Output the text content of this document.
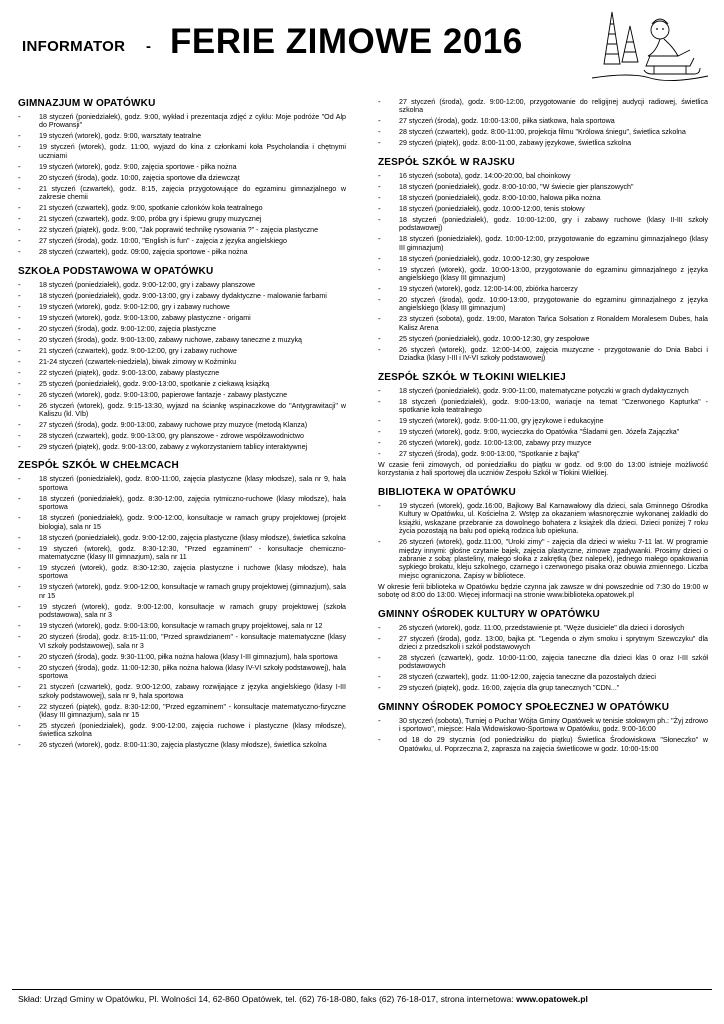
INFORMATOR - FERIE ZIMOWE 2016
GIMNAZJUM W OPATÓWKU
-	18 styczeń (poniedziałek), godz. 9:00, wykład i prezentacja zdjęć z cyklu: Moje podróże "Od Alp do Prowansji"
-	19 styczeń (wtorek), godz. 9:00, warsztaty teatralne
-	19 styczeń (wtorek), godz. 11:00, wyjazd do kina z członkami koła Psycholandia i chętnymi uczniami
-	19 styczeń (wtorek), godz. 9:00, zajęcia sportowe - piłka nożna
-	20 styczeń (środa), godz. 10:00, zajęcia sportowe dla dziewcząt
-	21 styczeń (czwartek), godz. 8:15, zajęcia przygotowujące do egzaminu gimnazjalnego w zakresie chemii
-	21 styczeń (czwartek), godz. 9:00, spotkanie członków koła teatralnego
-	21 styczeń (czwartek), godz. 9:00, próba gry i śpiewu grupy muzycznej
-	22 styczeń (piątek), godz. 9:00, "Jak poprawić technikę rysowania ?" - zajęcia plastyczne
-	27 styczeń (środa), godz. 10:00, "English is fun" - zajęcia z języka angielskiego
-	28 styczeń (czwartek), godz. 09:00, zajęcia sportowe - piłka nożna
SZKOŁA PODSTAWOWA W OPATÓWKU
-	18 styczeń (poniedziałek), godz. 9:00-12:00, gry i zabawy planszowe
-	18 styczeń (poniedziałek), godz. 9:00-13:00, gry i zabawy dydaktyczne - malowanie farbami
-	19 styczeń (wtorek), godz. 9:00-12:00, gry i zabawy ruchowe
-	19 styczeń (wtorek), godz. 9:00-13:00, zabawy plastyczne - origami
-	20 styczeń (środa), godz. 9:00-12:00, zajęcia plastyczne
-	20 styczeń (środa), godz. 9:00-13:00, zabawy ruchowe, zabawy taneczne z muzyką
-	21 styczeń (czwartek), godz. 9:00-12:00, gry i zabawy ruchowe
-	21-24 styczeń (czwartek-niedziela), biwak zimowy w Koźminku
-	22 styczeń (piątek), godz. 9:00-13:00, zabawy plastyczne
-	25 styczeń (poniedziałek), godz. 9:00-13:00, spotkanie z ciekawą książką
-	26 styczeń (wtorek), godz. 9:00-13:00, papierowe fantazje - zabawy plastyczne
-	26 styczeń (wtorek), godz. 9:15-13:30, wyjazd na ściankę wspinaczkowe do "Antygrawitacji" w Kaliszu (kl. VIb)
-	27 styczeń (środa), godz. 9:00-13:00, zabawy ruchowe przy muzyce (metodą Klanza)
-	28 styczeń (czwartek), godz. 9:00-13:00, gry planszowe - zdrowe współzawodnictwo
-	29 styczeń (piątek), godz. 9:00-13:00, zabawy z wykorzystaniem tablicy interaktywnej
ZESPÓŁ SZKÓŁ W CHEŁMCACH
-	18 styczeń (poniedziałek), godz. 8:00-11:00, zajęcia plastyczne (klasy młodsze), sala nr 9, hala sportowa
-	18 styczeń (poniedziałek), godz. 8:30-12:00, zajęcia rytmiczno-ruchowe (klasy młodsze), hala sportowa
-	18 styczeń (poniedziałek), godz. 9:00-12:00, konsultacje w ramach grupy projektowej (projekt biologia), sala nr 15
-	18 styczeń (poniedziałek), godz. 9:00-12:00, zajęcia plastyczne (klasy młodsze), świetlica szkolna
-	19 styczeń (wtorek), godz. 8:30-12:30, "Przed egzaminem" - konsultacje chemiczno-matematyczne (klasy III gimnazjum), sala nr 11
-	19 styczeń (wtorek), godz. 8:30-12:30, zajęcia plastyczne i ruchowe (klasy młodsze), hala sportowa
-	19 styczeń (wtorek), godz. 9:00-12:00, konsultacje w ramach grupy projektowej (gimnazjum), sala nr 15
-	19 styczeń (wtorek), godz. 9:00-12:00, konsultacje w ramach grupy projektowej (szkoła podstawowa), sala nr 3
-	19 styczeń (wtorek), godz. 9:00-13:00, konsultacje w ramach grupy projektowej, sala nr 12
-	20 styczeń (środa), godz. 8:15-11:00, "Przed sprawdzianem" - konsultacje matematyczne (klasy VI szkoły podstawowej), sala nr 3
-	20 styczeń (środa), godz. 9:30-11:00, piłka nożna halowa (klasy I-III gimnazjum), hala sportowa
-	20 styczeń (środa), godz. 11:00-12:30, piłka nożna halowa (klasy IV-VI szkoły podstawowej), hala sportowa
-	21 styczeń (czwartek), godz. 9:00-12:00, zabawy rozwijające z języka angielskiego (klasy I-III szkoły podstawowej), sala nr 9, hala sportowa
-	22 styczeń (piątek), godz. 8:30-12:00, "Przed egzaminem" - konsultacje matematyczno-fizyczne (klasy III gimnazjum), sala nr 15
-	25 styczeń (poniedziałek), godz. 9:00-12:00, zajęcia ruchowe i plastyczne (klasy młodsze), świetlica szkolna
-	26 styczeń (wtorek), godz. 8:00-11:30, zajęcia plastyczne (klasy młodsze), świetlica szkolna
-	27 styczeń (środa), godz. 9:00-12:00, przygotowanie do religijnej audycji radiowej, świetlica szkolna
-	27 styczeń (środa), godz. 10:00-13:00, piłka siatkowa, hala sportowa
-	28 styczeń (czwartek), godz. 8:00-11:00, projekcja filmu "Królowa śniegu", świetlica szkolna
-	29 styczeń (piątek), godz. 8:00-11:00, zabawy językowe, świetlica szkolna
ZESPÓŁ SZKÓŁ W RAJSKU
-	16 styczeń (sobota), godz. 14:00-20:00, bal choinkowy
-	18 styczeń (poniedziałek), godz. 8:00-10:00, "W świecie gier planszowych"
-	18 styczeń (poniedziałek), godz. 8:00-10:00, halowa piłka nożna
-	18 styczeń (poniedziałek), godz. 10:00-12:00, tenis stołowy
-	18 styczeń (poniedziałek), godz. 10:00-12:00, gry i zabawy ruchowe (klasy II-III szkoły podstawowej)
-	18 styczeń (poniedziałek), godz. 10:00-12:00, przygotowanie do egzaminu gimnazjalnego (klasy III gimnazjum)
-	18 styczeń (poniedziałek), godz. 10:00-12:30, gry zespołowe
-	19 styczeń (wtorek), godz. 10:00-13:00, przygotowanie do egzaminu gimnazjalnego z języka angielskiego (klasy III gimnazjum)
-	19 styczeń (wtorek), godz. 12:00-14:00, zbiórka harcerzy
-	20 styczeń (środa), godz. 10:00-13:00, przygotowanie do egzaminu gimnazjalnego z języka angielskiego (klasy III gimnazjum)
-	23 styczeń (sobota), godz. 19:00, Maraton Tańca Solsation z Ronaldem Moralesem Dubes, hala Kalisz Arena
-	25 styczeń (poniedziałek), godz. 10:00-12:30, gry zespołowe
-	26 styczeń (wtorek), godz. 12:00-14:00, zajęcia muzyczne - przygotowanie do Dnia Babci i Dziadka (klasy I-III i IV-VI szkoły podstawowej)
ZESPÓŁ SZKÓŁ W TŁOKINI WIELKIEJ
-	18 styczeń (poniedziałek), godz. 9:00-11:00, matematyczne potyczki w grach dydaktycznych
-	18 styczeń (poniedziałek), godz. 9:00-13:00, wariacje na temat "Czerwonego Kapturka" - spotkanie koła teatralnego
-	19 styczeń (wtorek), godz. 9:00-11:00, gry językowe i edukacyjne
-	19 styczeń (wtorek), godz. 9:00, wycieczka do Opatówka "Śladami gen. Józefa Zajączka"
-	26 styczeń (wtorek), godz. 10:00-13:00, zabawy przy muzyce
-	27 styczeń (środa), godz. 9:00-13:00, "Spotkanie z bajką"
W czasie ferii zimowych, od poniedziałku do piątku w godz. od 9:00 do 13:00 istnieje możliwość korzystania z hali sportowej dla uczniów Zespołu Szkół w Tłokini Wielkiej.
BIBLIOTEKA W OPATÓWKU
-	19 styczeń (wtorek), godz.16:00, Bajkowy Bal Karnawałowy dla dzieci, sala Gminnego Ośrodka Kultury w Opatówku, ul. Kościelna 2. Wstęp za okazaniem własnoręcznie wykonanej zakładki do książki, wskazane przebranie za dowolnego bohatera z książek dla dzieci. Dzieci poniżej 7 roku życia pozostają na balu pod opieką rodzica lub opiekuna.
-	26 styczeń (wtorek), godz.11:00, "Uroki zimy" - zajęcia dla dzieci w wieku 7-11 lat. W programie między innymi: głośne czytanie bajek, zajęcia plastyczne, zimowe zgadywanki. Prosimy dzieci o zabranie z sobą: plasteliny, małego słoika z zakrętką (bez nalepek), jednego małego opakowania sypkiego brokatu, kleju szkolnego, czarnego i czerwonego pisaka oraz obuwia zmiennego. Liczba miejsc ograniczona. Zapisy w bibliotece.
W okresie ferii biblioteka w Opatówku będzie czynna jak zawsze w dni powszednie od 7:30 do 19:00 w sobotę od 8:00 do 13:00. Więcej informacji na stronie www.biblioteka.opatowek.pl
GMINNY OŚRODEK KULTURY W OPATÓWKU
-	26 styczeń (wtorek), godz. 11:00, przedstawienie pt. "Węże dusiciele" dla dzieci i dorosłych
-	27 styczeń (środa), godz. 13:00, bajka pt. "Legenda o złym smoku i sprytnym Szewczyku" dla dzieci z przedszkoli i szkół podstawowych
-	28 styczeń (czwartek), godz. 10:00-11:00, zajęcia taneczne dla dzieci klas 0 oraz I-III szkół podstawowych
-	28 styczeń (czwartek), godz. 11:00-12:00, zajęcia taneczne dla pozostałych dzieci
-	29 styczeń (piątek), godz. 16:00, zajęcia dla grup tanecznych "CDN..."
GMINNY OŚRODEK POMOCY SPOŁECZNEJ W OPATÓWKU
-	30 styczeń (sobota), Turniej o Puchar Wójta Gminy Opatówek w tenisie stołowym ph.: "Żyj zdrowo i sportowo", miejsce: Hala Widowiskowo-Sportowa w Opatówku, godz. 9:00-16:00
-	od 18 do 29 stycznia (od poniedziałku do piątku) Świetlica Środowiskowa "Słoneczko" w Opatówku, ul. Poprzeczna 2, zaprasza na zajęcia świetlicowe w godz. 10:00-15:00
Skład: Urząd Gminy w Opatówku, Pl. Wolności 14, 62-860 Opatówek, tel. (62) 76-18-080, faks (62) 76-18-017, strona internetowa: www.opatowek.pl
